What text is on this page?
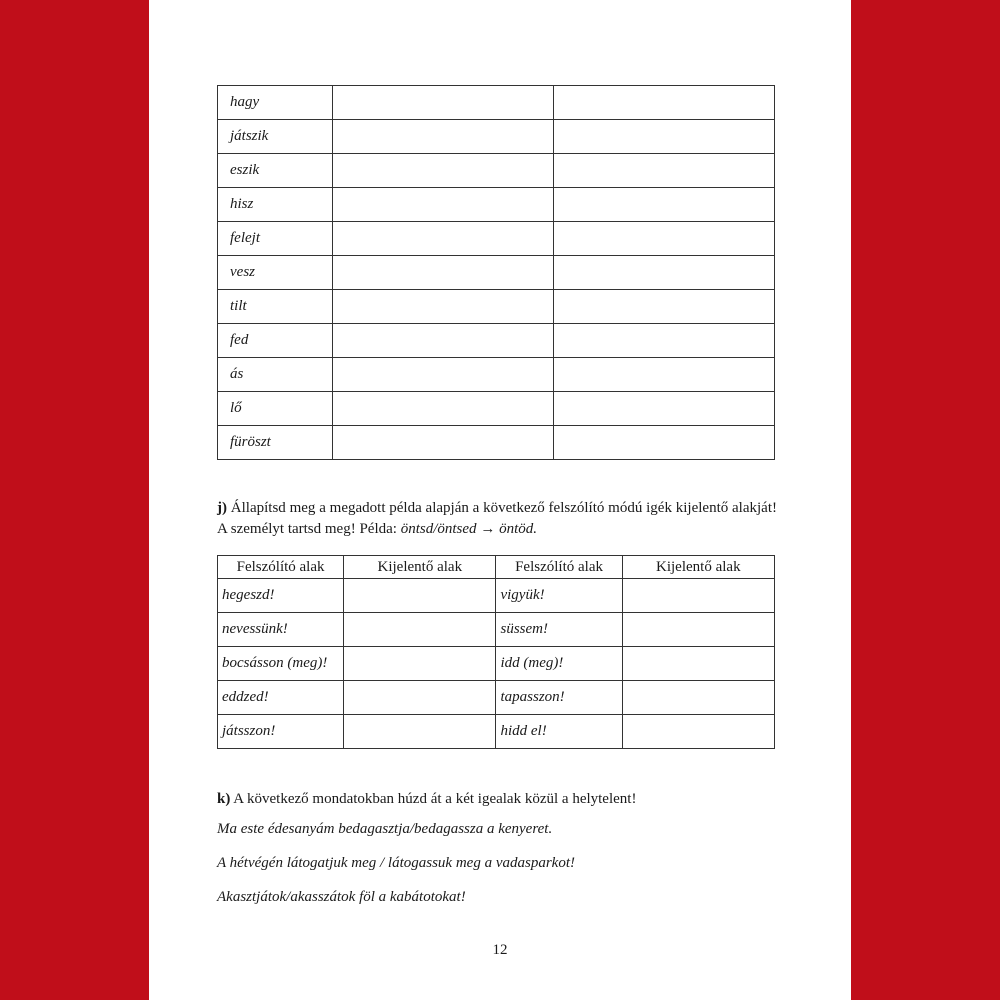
hagy		
játszik		
eszik		
hisz		
felejt		
vesz		
tilt		
fed		
ás		
lő		
füröszt		
j) Állapítsd meg a megadott példa alapján a következő felszólító módú igék kijelentő alakját! A személyt tartsd meg! Példa: öntsd/öntsed → öntöd.
Felszólító alak	Kijelentő alak	Felszólító alak	Kijelentő alak
hegeszd!		vigyük!	
nevessünk!		süssem!	
bocsásson (meg)!		idd (meg)!	
eddzed!		tapasszon!	
játsszon!		hidd el!	
k) A következő mondatokban húzd át a két igealak közül a helytelent!
Ma este édesanyám bedagasztja/bedagassza a kenyeret.
A hétvégén látogatjuk meg / látogassuk meg a vadasparkot!
Akasztjátok/akasszátok föl a kabátotokat!
12
